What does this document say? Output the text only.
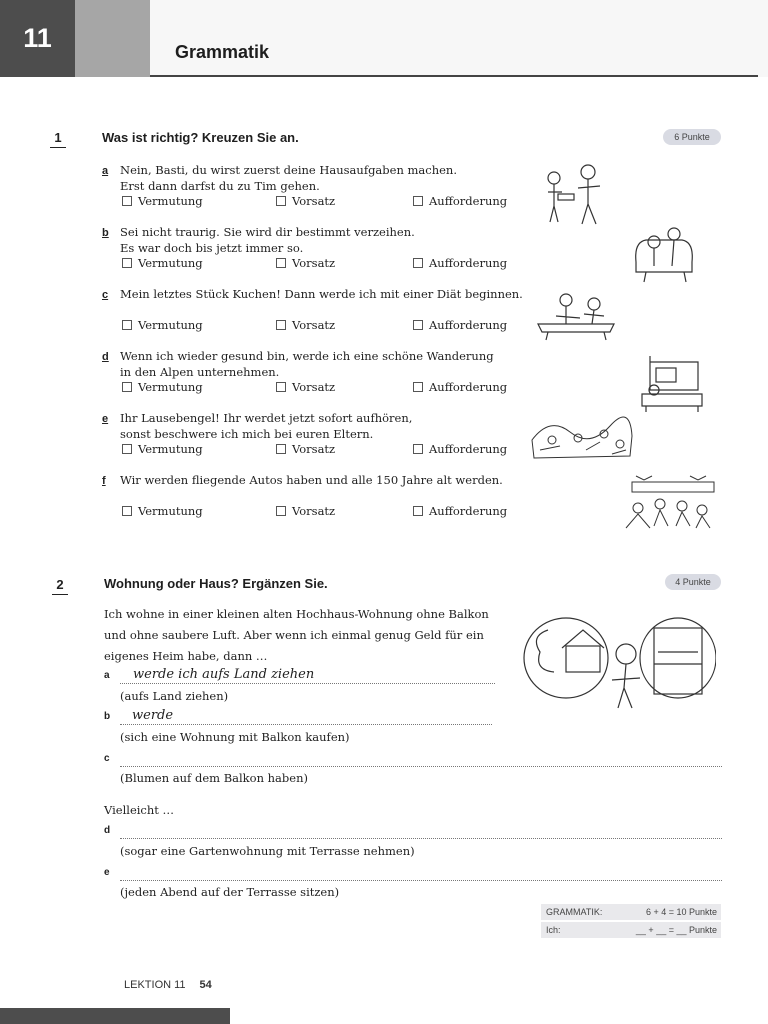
11	Grammatik
1	Was ist richtig? Kreuzen Sie an.	6 Punkte
a Nein, Basti, du wirst zuerst deine Hausaufgaben machen.
Erst dann darfst du zu Tim gehen.
Vermutung	Vorsatz	Aufforderung
b Sei nicht traurig. Sie wird dir bestimmt verzeihen.
Es war doch bis jetzt immer so.
Vermutung	Vorsatz	Aufforderung
c Mein letztes Stück Kuchen! Dann werde ich mit einer Diät beginnen.
Vermutung	Vorsatz	Aufforderung
d Wenn ich wieder gesund bin, werde ich eine schöne Wanderung
in den Alpen unternehmen.
Vermutung	Vorsatz	Aufforderung
e Ihr Lausebengel! Ihr werdet jetzt sofort aufhören,
sonst beschwere ich mich bei euren Eltern.
Vermutung	Vorsatz	Aufforderung
f Wir werden fliegende Autos haben und alle 150 Jahre alt werden.
Vermutung	Vorsatz	Aufforderung
2	Wohnung oder Haus? Ergänzen Sie.	4 Punkte
Ich wohne in einer kleinen alten Hochhaus-Wohnung ohne Balkon und ohne saubere Luft. Aber wenn ich einmal genug Geld für ein eigenes Heim habe, dann …
a werde ich aufs Land ziehen
(aufs Land ziehen)
b werde
(sich eine Wohnung mit Balkon kaufen)
c
(Blumen auf dem Balkon haben)
Vielleicht …
d
(sogar eine Gartenwohnung mit Terrasse nehmen)
e
(jeden Abend auf der Terrasse sitzen)
GRAMMATIK:	6 + 4 = 10 Punkte
Ich:	__ + __ = __ Punkte
LEKTION 11 54
